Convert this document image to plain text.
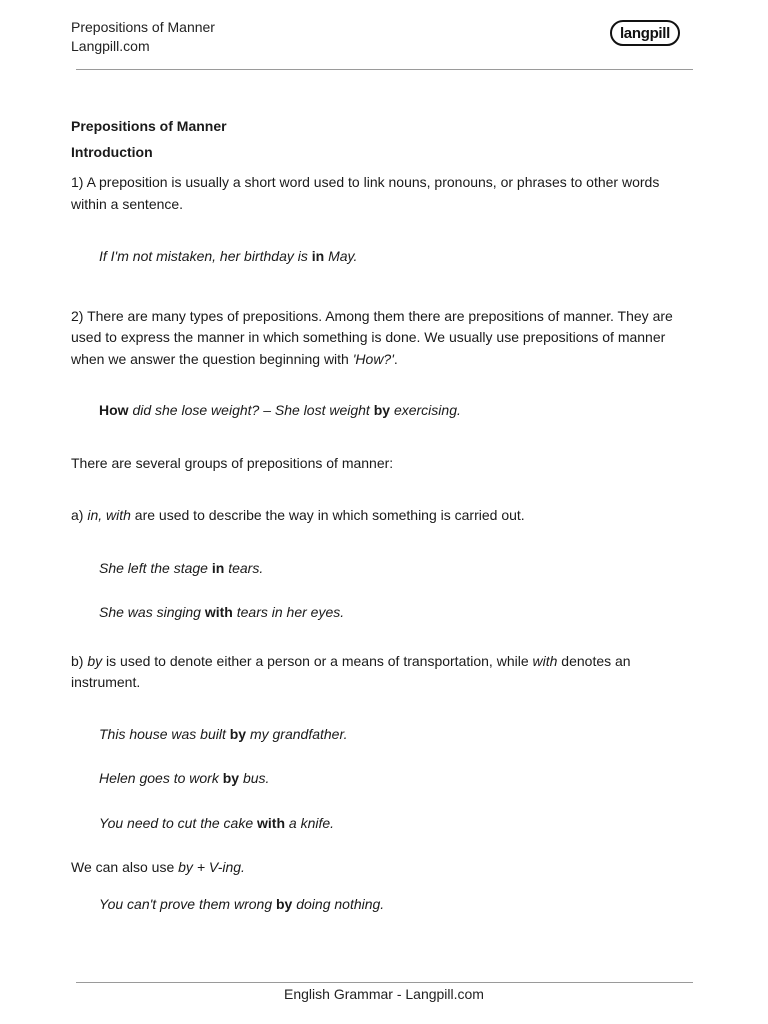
Prepositions of Manner
Langpill.com
langpill

Prepositions of Manner

Introduction

1) A preposition is usually a short word used to link nouns, pronouns, or phrases to other words within a sentence.

If I'm not mistaken, her birthday is in May.

2) There are many types of prepositions. Among them there are prepositions of manner. They are used to express the manner in which something is done. We usually use prepositions of manner when we answer the question beginning with 'How?'.

How did she lose weight? – She lost weight by exercising.

There are several groups of prepositions of manner:

a) in, with are used to describe the way in which something is carried out.

She left the stage in tears.

She was singing with tears in her eyes.

b) by is used to denote either a person or a means of transportation, while with denotes an instrument.

This house was built by my grandfather.

Helen goes to work by bus.

You need to cut the cake with a knife.

We can also use by + V-ing.

You can't prove them wrong by doing nothing.

English Grammar - Langpill.com
